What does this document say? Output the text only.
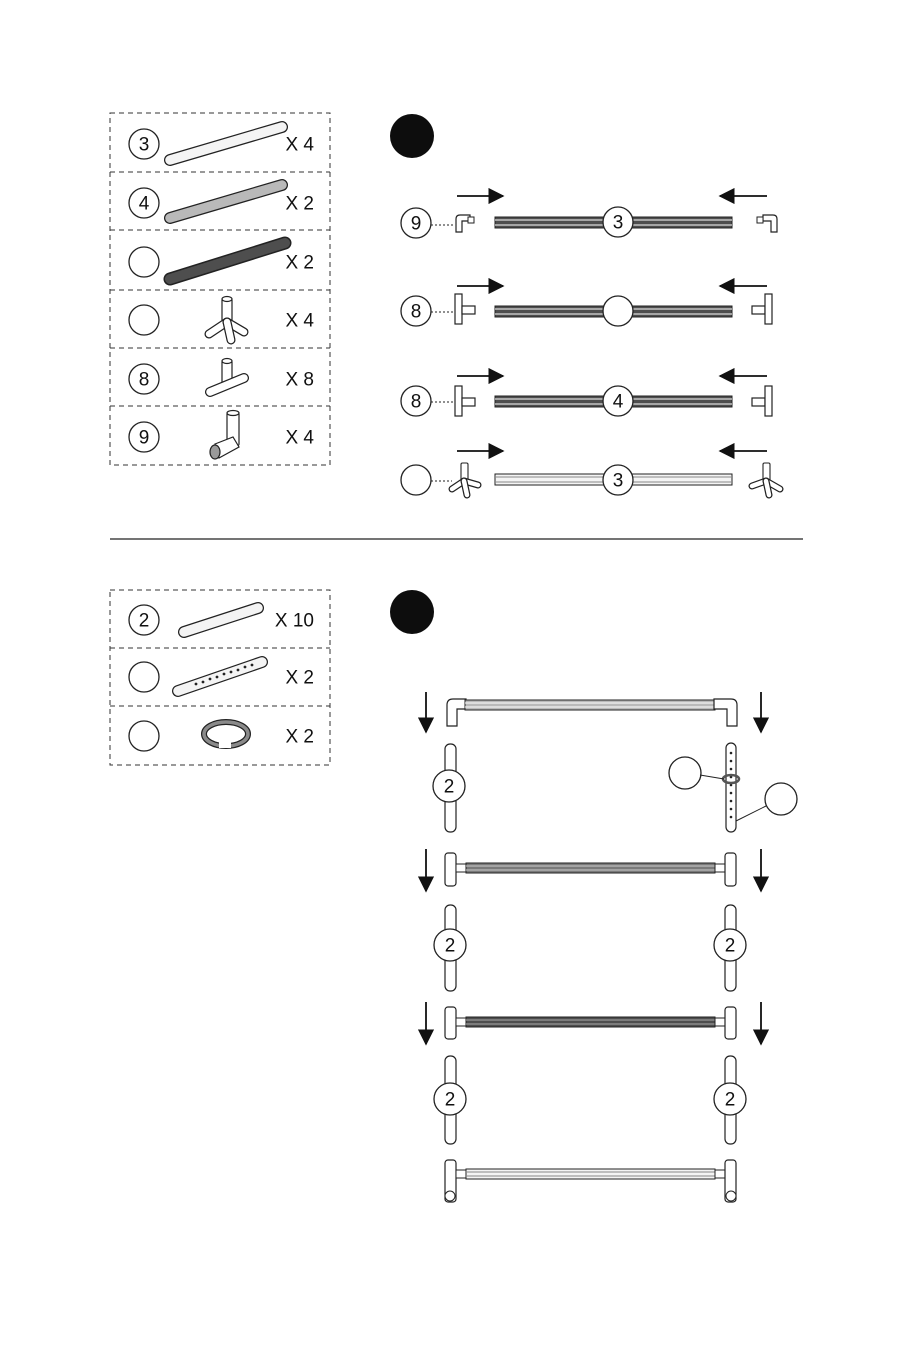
3	X 4
4	X 2
X 2
X 4
8	X 8
9	X 4
9	3
8
8	4
3
2	X 10
X 2
X 2
2
2	2
2	2
